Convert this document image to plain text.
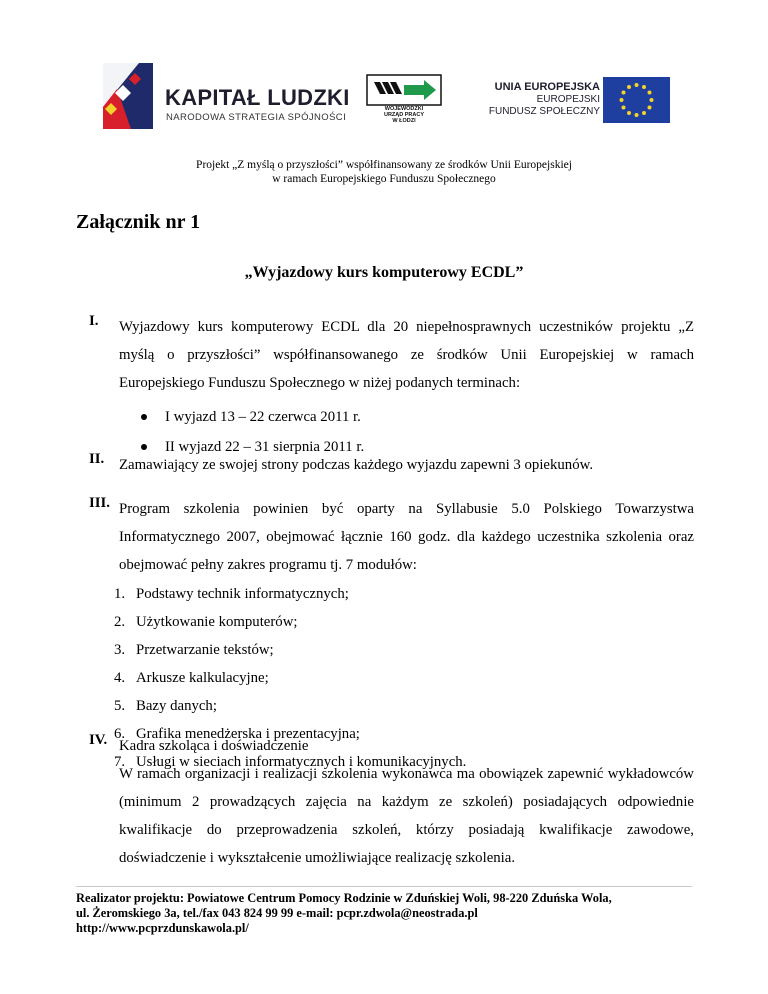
KAPITAŁ LUDZKI
NARODOWA STRATEGIA SPÓJNOŚCI
WOJEWÓDZKI
URZĄD PRACY
W ŁODZI
UNIA EUROPEJSKA
EUROPEJSKI
FUNDUSZ SPOŁECZNY
Projekt „Z myślą o przyszłości” współfinansowany ze środków Unii Europejskiej
w ramach Europejskiego Funduszu Społecznego
Załącznik nr 1
„Wyjazdowy kurs komputerowy ECDL”
I. Wyjazdowy kurs komputerowy ECDL dla 20 niepełnosprawnych uczestników projektu „Z myślą o przyszłości” współfinansowanego ze środków Unii Europejskiej w ramach Europejskiego Funduszu Społecznego w niżej podanych terminach:

I wyjazd 13 – 22 czerwca 2011 r.
II wyjazd 22 – 31 sierpnia 2011 r.
II. Zamawiający ze swojej strony podczas każdego wyjazdu zapewni 3 opiekunów.

III. Program szkolenia powinien być oparty na Syllabusie 5.0 Polskiego Towarzystwa Informatycznego 2007, obejmować łącznie 160 godz. dla każdego uczestnika szkolenia oraz obejmować pełny zakres programu tj. 7 modułów:

1. Podstawy technik informatycznych;
2. Użytkowanie komputerów;
3. Przetwarzanie tekstów;
4. Arkusze kalkulacyjne;
5. Bazy danych;
6. Grafika menedżerska i prezentacyjna;
7. Usługi w sieciach informatycznych i komunikacyjnych.
IV. Kadra szkoląca i doświadczenie

W ramach organizacji i realizacji szkolenia wykonawca ma obowiązek zapewnić wykładowców (minimum 2 prowadzących zajęcia na każdym ze szkoleń) posiadających odpowiednie kwalifikacje do przeprowadzenia szkoleń, którzy posiadają kwalifikacje zawodowe, doświadczenie i wykształcenie umożliwiające realizację szkolenia.

Realizator projektu: Powiatowe Centrum Pomocy Rodzinie w Zduńskiej Woli, 98-220 Zduńska Wola,
ul. Żeromskiego 3a, tel./fax 043 824 99 99 e-mail: pcpr.zdwola@neostrada.pl
http://www.pcprzdunskawola.pl/
